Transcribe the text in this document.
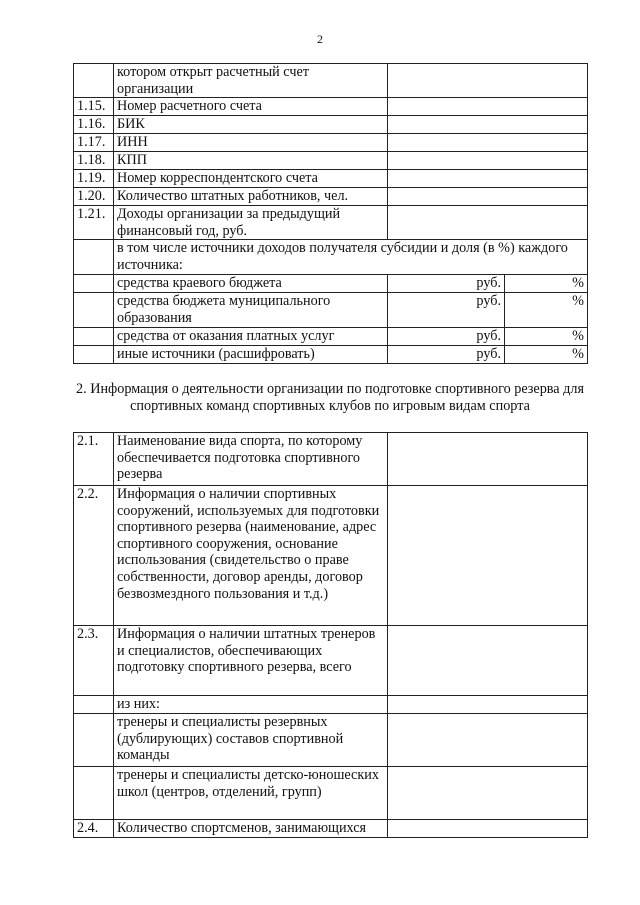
2
	котором открыт расчетный счет организации		
1.15.	Номер расчетного счета		
1.16.	БИК		
1.17.	ИНН		
1.18.	КПП		
1.19.	Номер корреспондентского счета		
1.20.	Количество штатных работников, чел.		
1.21.	Доходы организации за предыдущий финансовый год, руб.		
	в том числе источники доходов получателя субсидии и доля (в %) каждого источника:		
	средства краевого бюджета	руб.	%
	средства бюджета муниципального образования	руб.	%
	средства от оказания платных услуг	руб.	%
	иные источники (расшифровать)	руб.	%
2. Информация о деятельности организации по подготовке спортивного резерва для спортивных команд спортивных клубов по игровым видам спорта
2.1.	Наименование вида спорта, по которому обеспечивается подготовка спортивного резерва	
2.2.	Информация о наличии спортивных сооружений, используемых для подготовки спортивного резерва (наименование, адрес спортивного сооружения, основание использования (свидетельство о праве собственности, договор аренды, договор безвозмездного пользования и т.д.)	
2.3.	Информация о наличии штатных тренеров и специалистов, обеспечивающих подготовку спортивного резерва, всего	
	из них:	
	тренеры и специалисты резервных (дублирующих) составов спортивной команды	
	тренеры и специалисты детско-юношеских школ (центров, отделений, групп)	
2.4.	Количество спортсменов, занимающихся	
